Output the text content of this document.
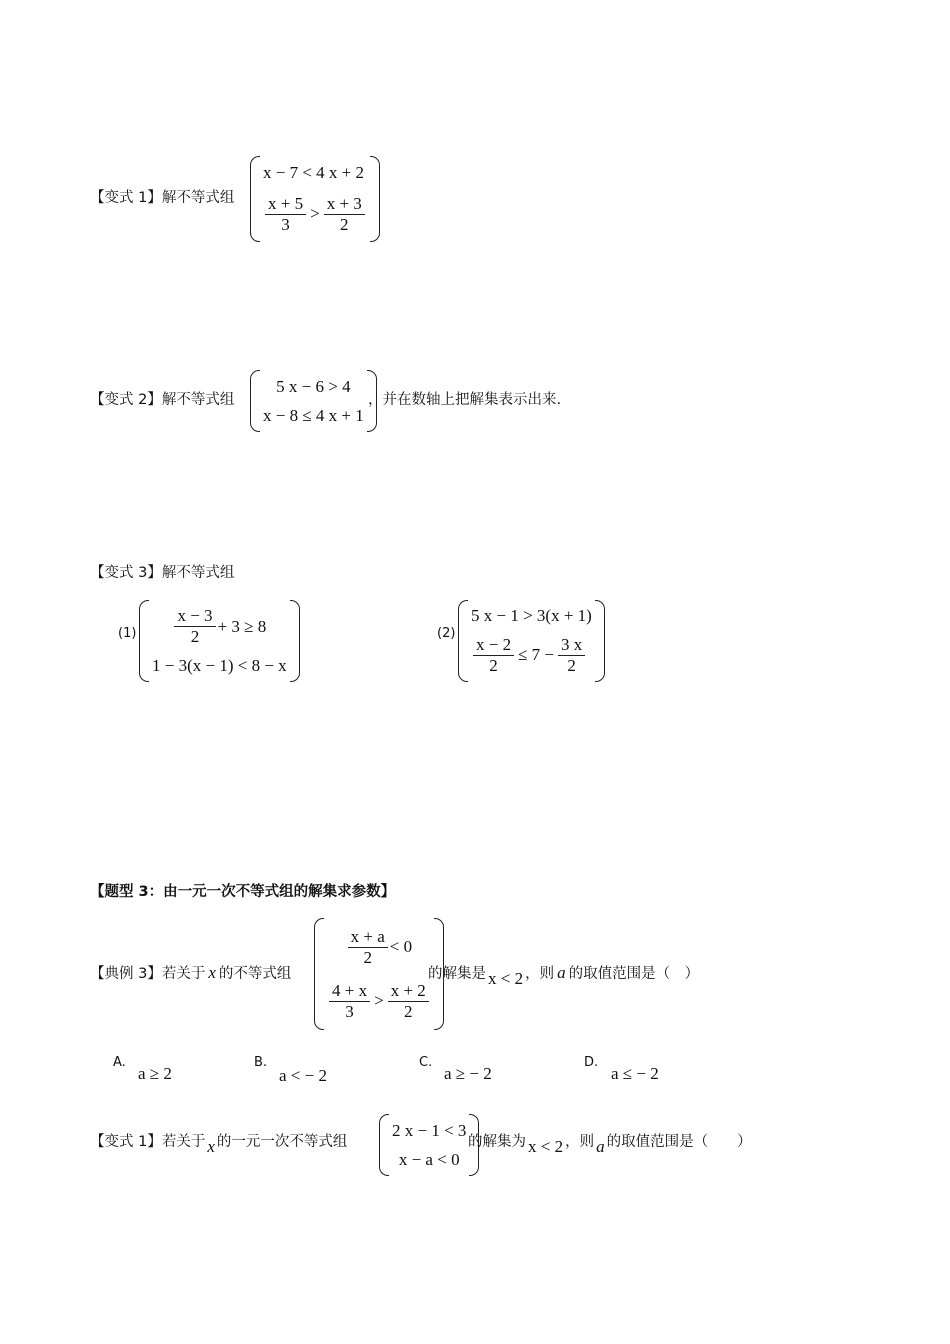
【变式 1】解不等式组
x − 7 < 4 x + 2
$\frac{x + 5}{3} > \frac{x + 3}{2}$
【变式 2】解不等式组
5 x − 6 > 4
x − 8 ≤ 4 x + 1
，并在数轴上把解集表示出来.
【变式 3】解不等式组
$(1) \frac{x - 3}{2} + 3 \ge 8$
1 − 3(x − 1) < 8 − x
(2)
5 x − 1 > 3(x + 1)
$\frac{x - 2}{2} \le 7 - \frac{3 x}{2}$
【题型 3：由一元一次不等式组的解集求参数】
【典例 3】若关于 x 的不等式组
$\frac{x + a}{2} < 0$
$\frac{4 + x}{3} > \frac{x + 2}{2}$
的解集是 x < 2 ，则 a 的取值范围是（　）
A.
a ≥ 2
B.
a < − 2
C.
a ≥ − 2
D.
a ≤ − 2
【变式 1】若关于 x 的一元一次不等式组
2 x − 1 < 3
x − a < 0
的解集为 x < 2 ，则 a 的取值范围是（　　）
